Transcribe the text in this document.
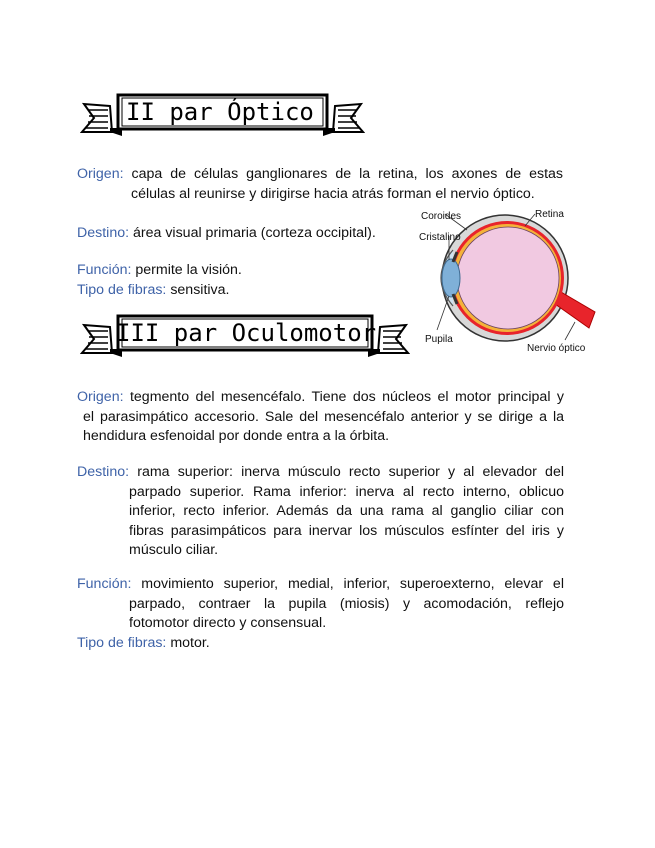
II par Óptico
Origen: capa de células ganglionares de la retina, los axones de estas
células al reunirse y dirigirse hacia atrás forman el nervio óptico.
Destino: área visual primaria (corteza occipital).
Función: permite la visión.
Tipo de fibras: sensitiva.
Coroides	Retina
Cristalino
Pupila
Nervio óptico
III par Oculomotor
Origen: tegmento del mesencéfalo. Tiene dos núcleos el motor principal y
el parasimpático accesorio. Sale del mesencéfalo anterior y se dirige a la
hendidura esfenoidal por donde entra a la órbita.
Destino: rama superior: inerva músculo recto superior y al elevador del
parpado superior. Rama inferior: inerva al recto interno, oblicuo
inferior, recto inferior. Además da una rama al ganglio ciliar con
fibras parasimpáticos para inervar los músculos esfínter del iris y
músculo ciliar.
Función: movimiento superior, medial, inferior, superoexterno, elevar el
parpado, contraer la pupila (miosis) y acomodación, reflejo
fotomotor directo y consensual.
Tipo de fibras: motor.
